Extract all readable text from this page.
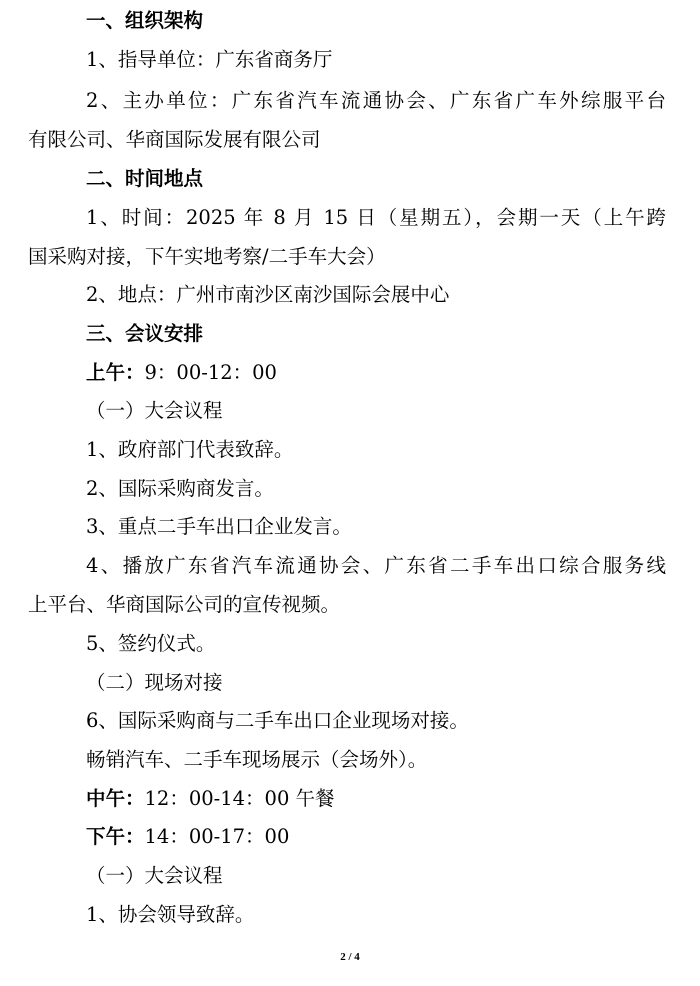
一、组织架构
1、指导单位：广东省商务厅
2、主办单位：广东省汽车流通协会、广东省广车外综服平台
有限公司、华商国际发展有限公司
二、时间地点
1、时间：2025 年 8 月 15 日（星期五），会期一天（上午跨
国采购对接，下午实地考察/二手车大会）
2、地点：广州市南沙区南沙国际会展中心
三、会议安排
上午：9：00-12：00
（一）大会议程
1、政府部门代表致辞。
2、国际采购商发言。
3、重点二手车出口企业发言。
4、播放广东省汽车流通协会、广东省二手车出口综合服务线
上平台、华商国际公司的宣传视频。
5、签约仪式。
（二）现场对接
6、国际采购商与二手车出口企业现场对接。
畅销汽车、二手车现场展示（会场外）。
中午：12：00-14：00 午餐
下午：14：00-17：00
（一）大会议程
1、协会领导致辞。
2 / 4
